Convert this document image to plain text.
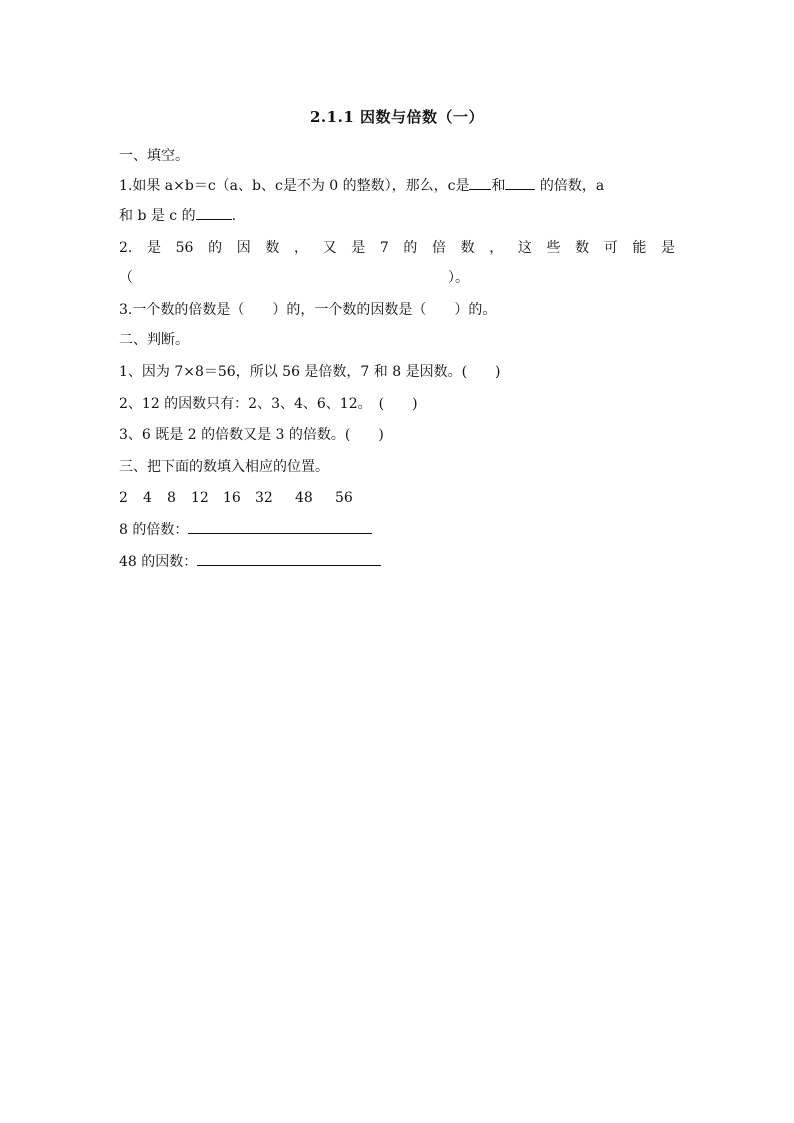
2.1.1 因数与倍数（一）
一、填空。
1.如果 a×b＝c（a、b、c是不为 0 的整数），那么，c是 和 的倍数，a
和 b 是 c 的	.
2. 是 56 的 因 数 ， 又 是 7 的 倍 数 ， 这 些 数 可 能 是
（	）。
3.一个数的倍数是（　　）的，一个数的因数是（　　）的。
二、判断。
1、因为 7×8＝56，所以 56 是倍数，7 和 8 是因数。(　　)
2、12 的因数只有：2、3、4、6、12。　(　　)
3、6 既是 2 的倍数又是 3 的倍数。(　　)
三、把下面的数填入相应的位置。
2 4 8 12 16 32 48 56
8 的倍数：
48 的因数：
